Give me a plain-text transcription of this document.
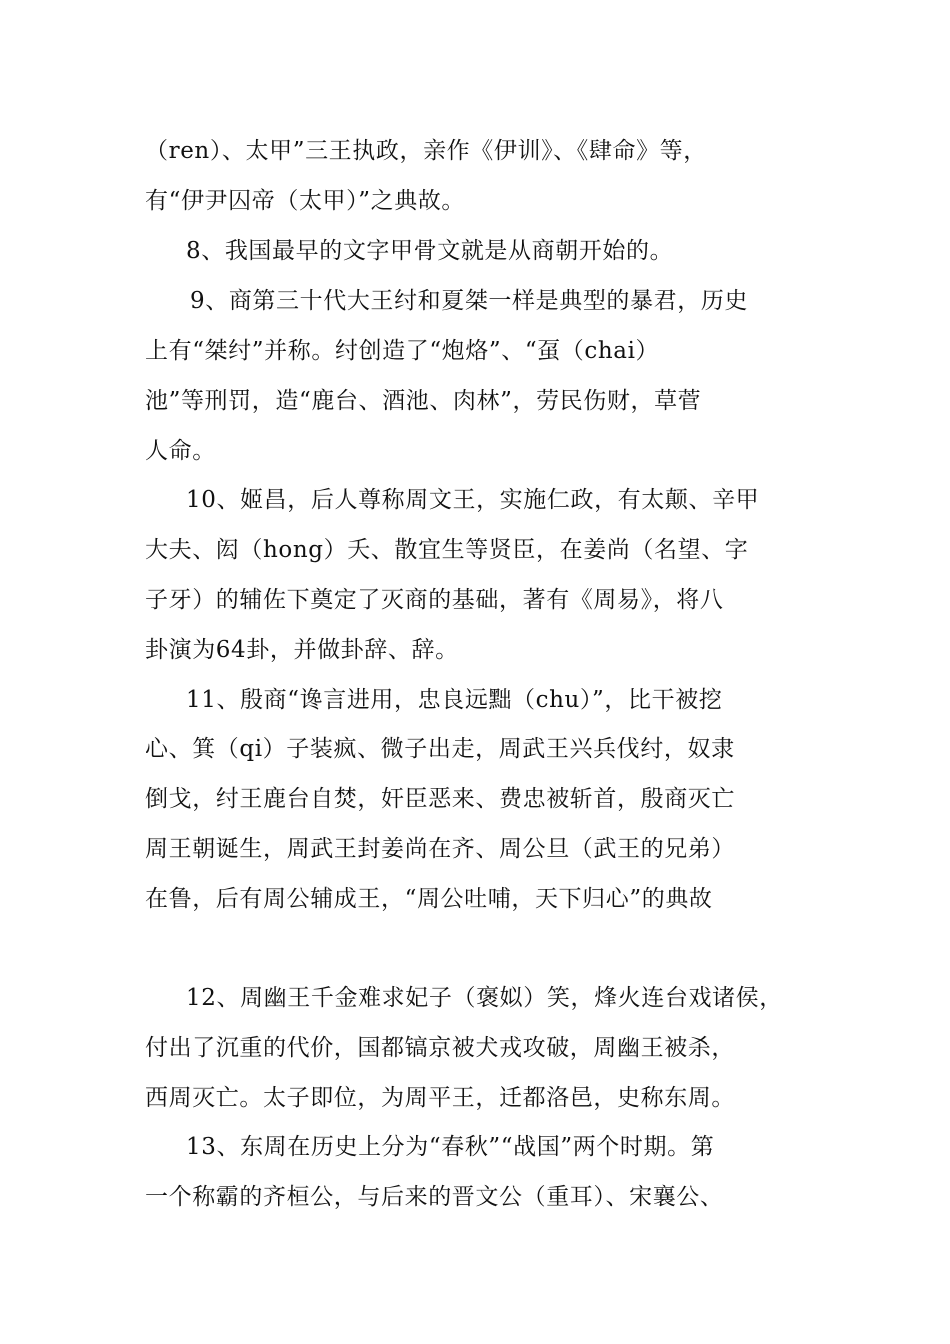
（ren）、太甲”三王执政，亲作《伊训》、《肆命》等，
有“伊尹囚帝（太甲）”之典故。
8、我国最早的文字甲骨文就是从商朝开始的。
9、商第三十代大王纣和夏桀一样是典型的暴君，历史
上有“桀纣”并称。纣创造了“炮烙”、“虿（chai）
池”等刑罚，造“鹿台、酒池、肉林”，劳民伤财，草菅
人命。
10、姬昌，后人尊称周文王，实施仁政，有太颠、辛甲
大夫、闳（hong）夭、散宜生等贤臣，在姜尚（名望、字
子牙）的辅佐下奠定了灭商的基础，著有《周易》，将八
卦演为64卦，并做卦辞、辞。
11、殷商“谗言进用，忠良远黜（chu）”，比干被挖
心、箕（qi）子装疯、微子出走，周武王兴兵伐纣，奴隶
倒戈，纣王鹿台自焚，奸臣恶来、费忠被斩首，殷商灭亡
周王朝诞生，周武王封姜尚在齐、周公旦（武王的兄弟）
在鲁，后有周公辅成王，“周公吐哺，天下归心”的典故
12、周幽王千金难求妃子（褒姒）笑，烽火连台戏诸侯，
付出了沉重的代价，国都镐京被犬戎攻破，周幽王被杀，
西周灭亡。太子即位，为周平王，迁都洛邑，史称东周。
13、东周在历史上分为“春秋”“战国”两个时期。第
一个称霸的齐桓公，与后来的晋文公（重耳）、宋襄公、
